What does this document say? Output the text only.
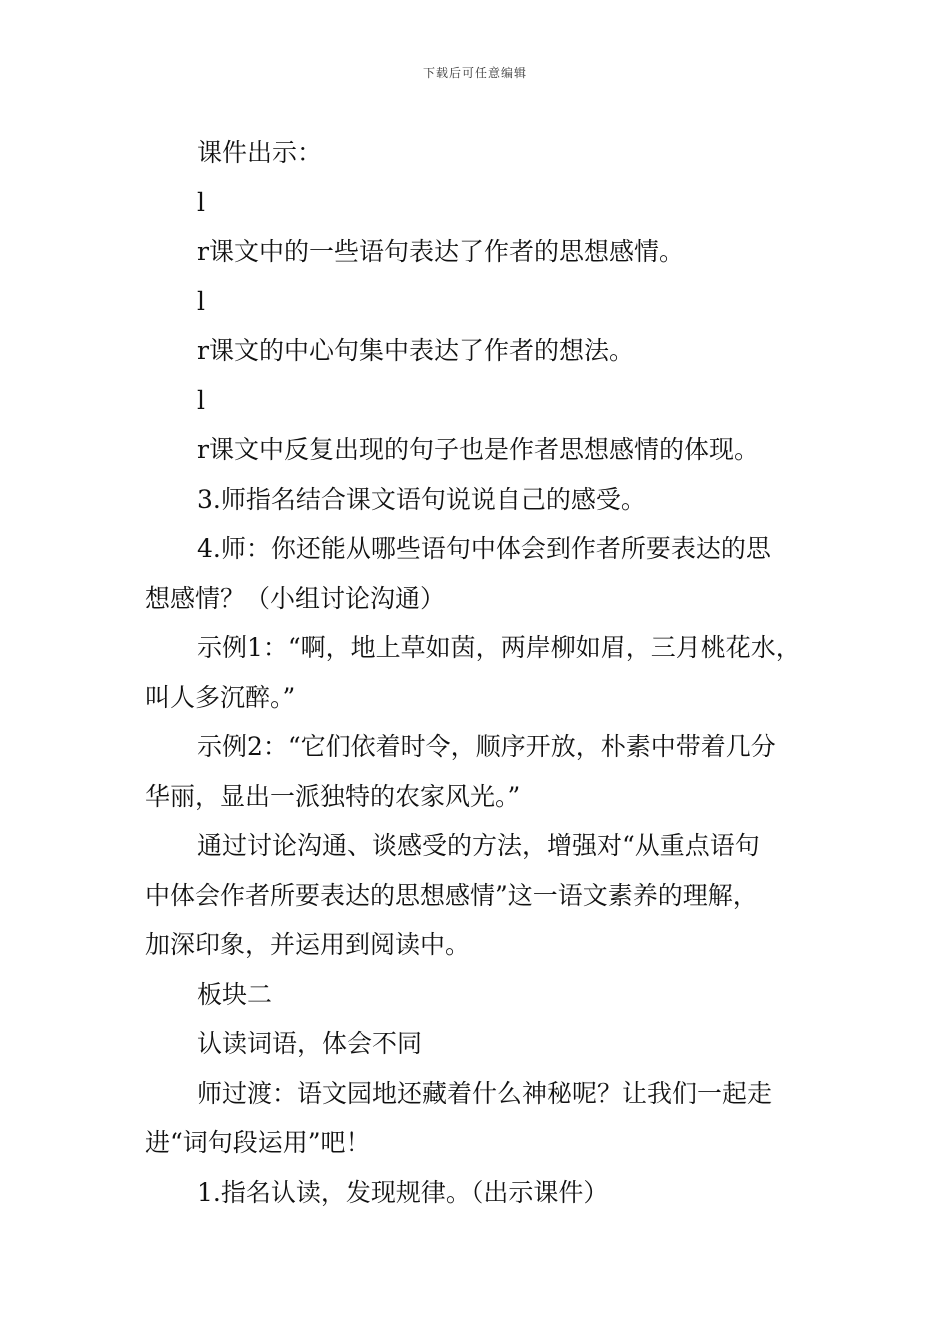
下载后可任意编辑
课件出示：
l
r课文中的一些语句表达了作者的思想感情。
l
r课文的中心句集中表达了作者的想法。
l
r课文中反复出现的句子也是作者思想感情的体现。
3.师指名结合课文语句说说自己的感受。
4.师：你还能从哪些语句中体会到作者所要表达的思
想感情？（小组讨论沟通）
示例1：“啊，地上草如茵，两岸柳如眉，三月桃花水，
叫人多沉醉。”
示例2：“它们依着时令，顺序开放，朴素中带着几分
华丽，显出一派独特的农家风光。”
通过讨论沟通、谈感受的方法，增强对“从重点语句
中体会作者所要表达的思想感情”这一语文素养的理解，
加深印象，并运用到阅读中。
板块二
认读词语，体会不同
师过渡：语文园地还藏着什么神秘呢？让我们一起走
进“词句段运用”吧！
1.指名认读，发现规律。（出示课件）
